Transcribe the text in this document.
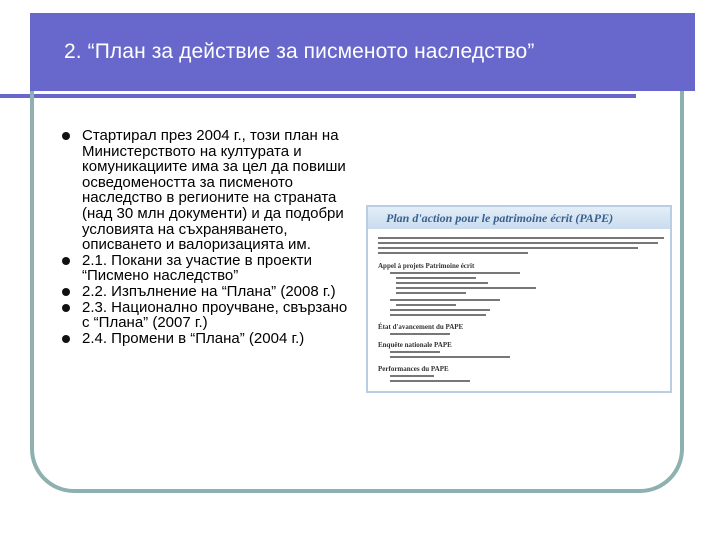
2. “План за действие за писменото наследство”
Стартирал през 2004 г., този план на Министерството на културата и комуникациите има за цел да повиши осведомеността за писменото наследство в регионите на страната (над 30 млн документи) и да подобри условията на съхраняването, описването и валоризацията им.
2.1. Покани за участие в проекти “Писмено наследство”
2.2. Изпълнение на “Плана” (2008 г.)
2.3. Национално проучване, свързано с “Плана” (2007 г.)
2.4. Промени в “Плана” (2004 г.)
Plan d'action pour le patrimoine écrit (PAPE)
Appel à projets Patrimoine écrit
État d'avancement du PAPE
Enquête nationale PAPE
Performances du PAPE
